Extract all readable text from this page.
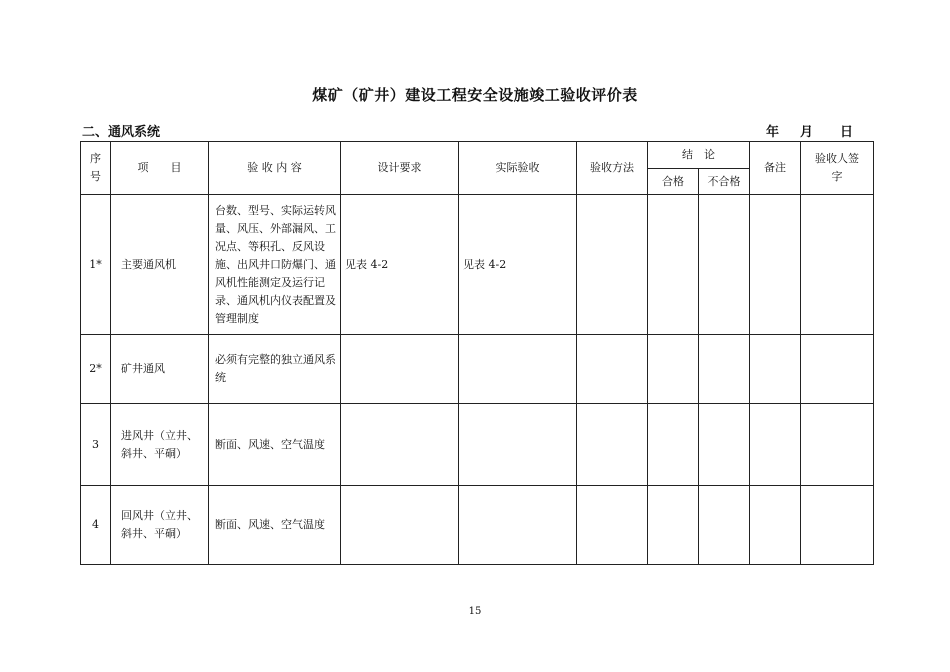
煤矿（矿井）建设工程安全设施竣工验收评价表
二、通风系统	年 月 日
序号	项　　目	验 收 内 容	设计要求	实际验收	验收方法	结　论		备注	验收人签 字
						合格	不合格		
1*	主要通风机	台数、型号、实际运转风量、风压、外部漏风、工况点、等积孔、反风设施、出风井口防爆门、通风机性能测定及运行记录、通风机内仪表配置及管理制度	见表 4-2	见表 4-2					
2*	矿井通风	必须有完整的独立通风系统							
3	进风井（立井、斜井、平硐）	断面、风速、空气温度							
4	回风井（立井、斜井、平硐）	断面、风速、空气温度							
15
